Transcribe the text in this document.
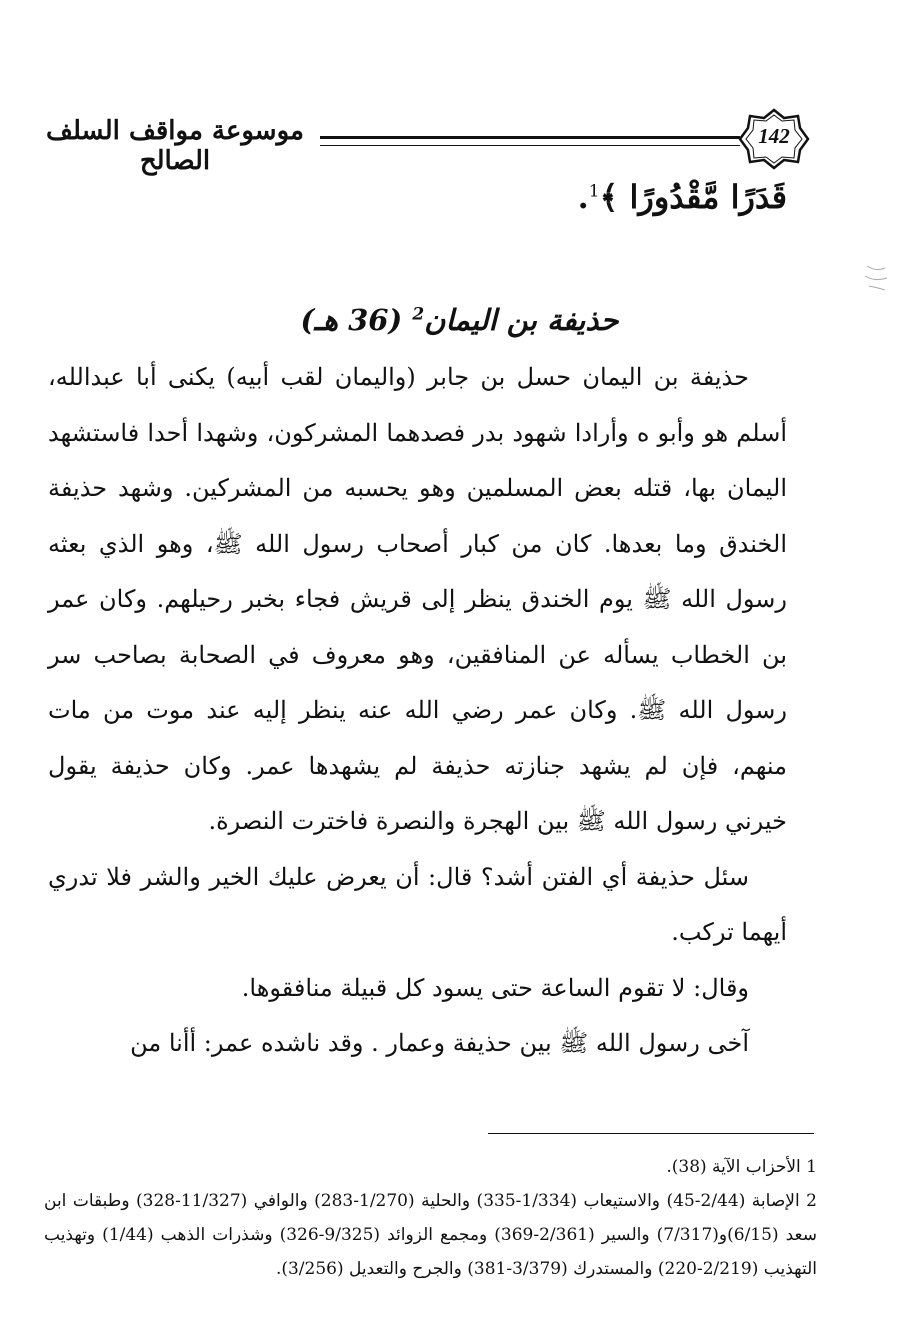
موسوعة مواقف السلف الصالح
142
قَدَرًا مَّقْدُورًا ﴾$^1$.
حذيفة بن اليمان$^2$ (36 هـ)

حذيفة بن اليمان حسل بن جابر (واليمان لقب أبيه) يكنى أبا عبدالله، أسلم هو وأبو ه وأرادا شهود بدر فصدهما المشركون، وشهدا أحدا فاستشهد اليمان بها، قتله بعض المسلمين وهو يحسبه من المشركين. وشهد حذيفة الخندق وما بعدها. كان من كبار أصحاب رسول الله ﷺ، وهو الذي بعثه رسول الله ﷺ يوم الخندق ينظر إلى قريش فجاء بخبر رحيلهم. وكان عمر بن الخطاب يسأله عن المنافقين، وهو معروف في الصحابة بصاحب سر رسول الله ﷺ. وكان عمر رضي الله عنه ينظر إليه عند موت من مات منهم، فإن لم يشهد جنازته حذيفة لم يشهدها عمر. وكان حذيفة يقول خيرني رسول الله ﷺ بين الهجرة والنصرة فاخترت النصرة.

سئل حذيفة أي الفتن أشد؟ قال: أن يعرض عليك الخير والشر فلا تدري أيهما تركب.

وقال: لا تقوم الساعة حتى يسود كل قبيلة منافقوها.

آخى رسول الله ﷺ بين حذيفة وعمار . وقد ناشده عمر: أأنا من

1 الأحزاب الآية (38).

2 الإصابة (2/44-45) والاستيعاب (1/334-335) والحلية (1/270-283) والوافي (11/327-328) وطبقات ابن سعد (6/15)و(7/317) والسير (2/361-369) ومجمع الزوائد (9/325-326) وشذرات الذهب (1/44) وتهذيب التهذيب (2/219-220) والمستدرك (3/379-381) والجرح والتعديل (3/256).
